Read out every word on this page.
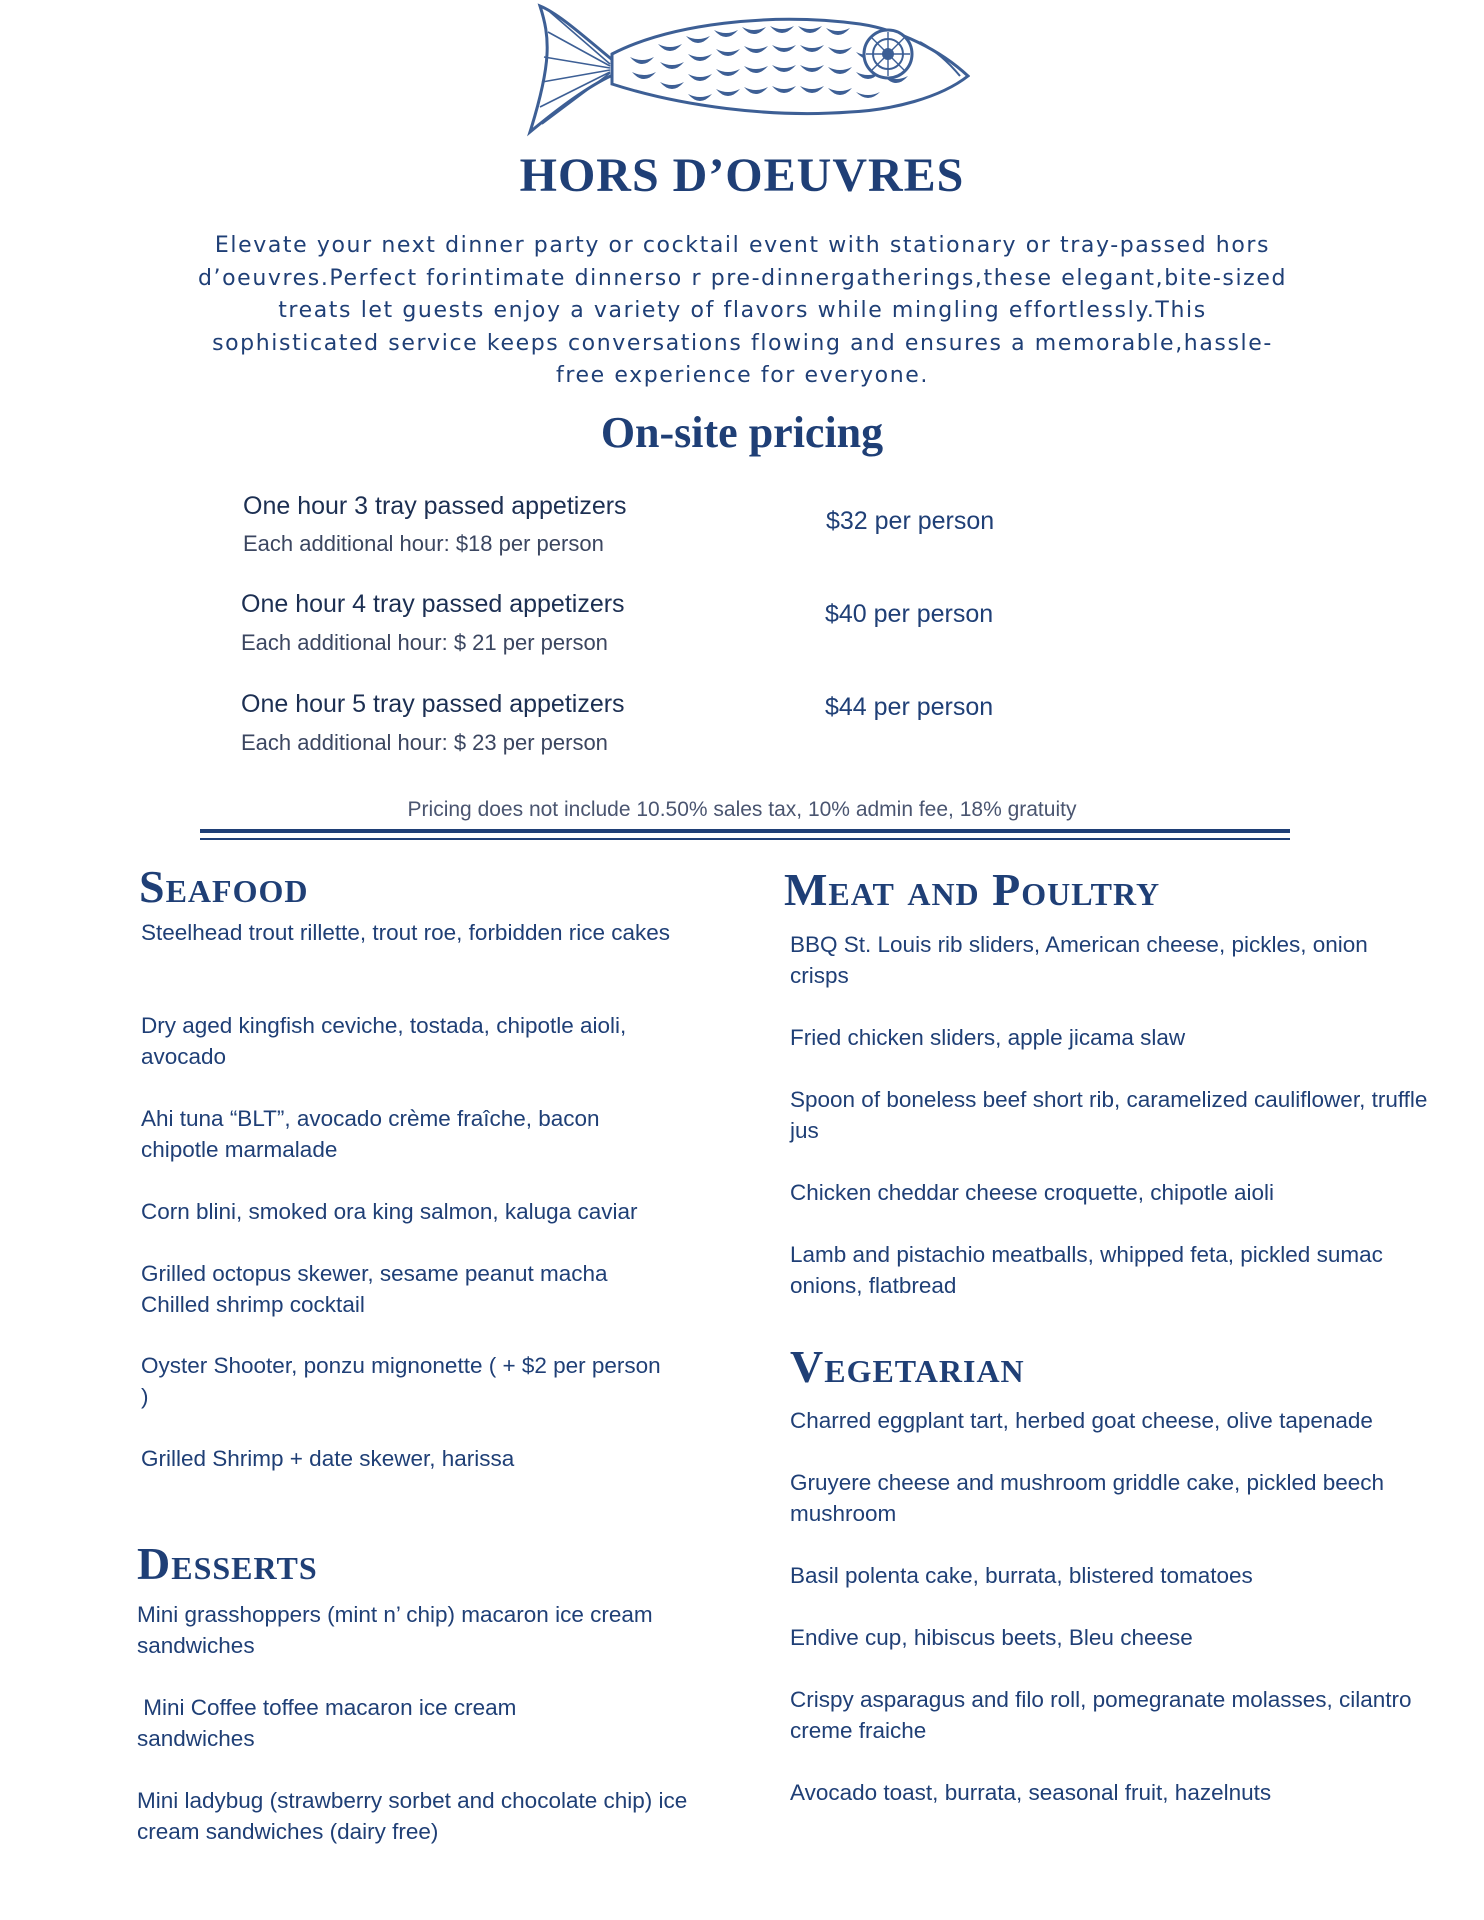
HORS D’OEUVRES
Elevate your next dinner party or cocktail event with stationary or tray-passed hors d’oeuvres.Perfect forintimate dinnerso r pre-dinnergatherings,these elegant,bite-sized treats let guests enjoy a variety of flavors while mingling effortlessly.This sophisticated service keeps conversations flowing and ensures a memorable,hassle-free experience for everyone.
On-site pricing
One hour 3 tray passed appetizers
Each additional hour: $18 per person
$32 per person
One hour 4 tray passed appetizers
Each additional hour: $ 21 per person
$40 per person
One hour 5 tray passed appetizers
Each additional hour: $ 23 per person
$44 per person
Pricing does not include 10.50% sales tax, 10% admin fee, 18% gratuity
Seafood
Steelhead trout rillette, trout roe, forbidden rice cakes
Dry aged kingfish ceviche, tostada, chipotle aioli, avocado
Ahi tuna “BLT”, avocado crème fraîche, bacon chipotle marmalade
Corn blini, smoked ora king salmon, kaluga caviar
Grilled octopus skewer, sesame peanut macha
Chilled shrimp cocktail
Oyster Shooter, ponzu mignonette ( + $2 per person )
Grilled Shrimp + date skewer, harissa
Desserts
Mini grasshoppers (mint n’ chip) macaron ice cream sandwiches
Mini Coffee toffee macaron ice cream sandwiches
Mini ladybug (strawberry sorbet and chocolate chip) ice cream sandwiches (dairy free)
Meat and Poultry
BBQ St. Louis rib sliders, American cheese, pickles, onion crisps
Fried chicken sliders, apple jicama slaw
Spoon of boneless beef short rib, caramelized cauliflower, truffle jus
Chicken cheddar cheese croquette, chipotle aioli
Lamb and pistachio meatballs, whipped feta, pickled sumac onions, flatbread
Vegetarian
Charred eggplant tart, herbed goat cheese, olive tapenade
Gruyere cheese and mushroom griddle cake, pickled beech mushroom
Basil polenta cake, burrata, blistered tomatoes
Endive cup, hibiscus beets, Bleu cheese
Crispy asparagus and filo roll, pomegranate molasses, cilantro creme fraiche
Avocado toast, burrata, seasonal fruit, hazelnuts
